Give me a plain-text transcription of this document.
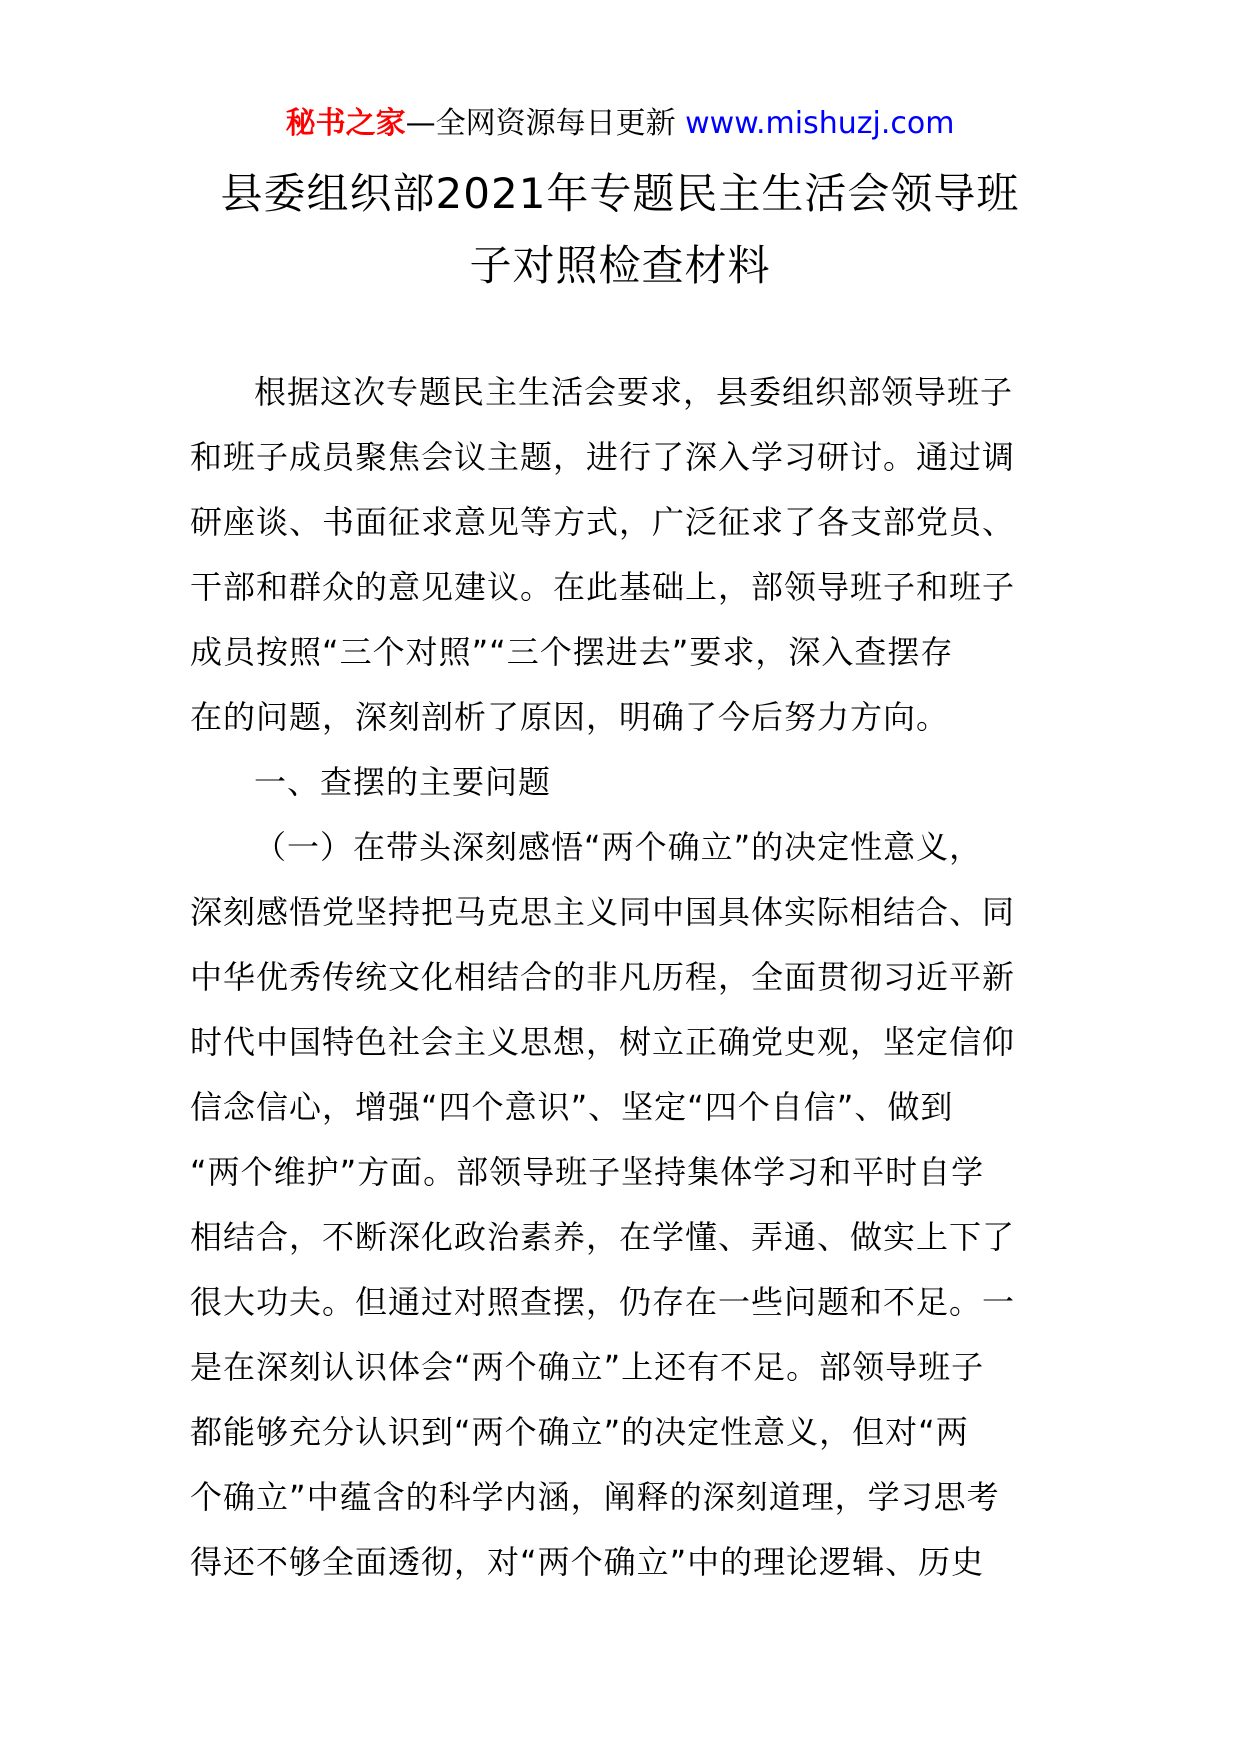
秘书之家—全网资源每日更新 www.mishuzj.com
县委组织部2021年专题民主生活会领导班
子对照检查材料

根据这次专题民主生活会要求，县委组织部领导班子
和班子成员聚焦会议主题，进行了深入学习研讨。通过调
研座谈、书面征求意见等方式，广泛征求了各支部党员、
干部和群众的意见建议。在此基础上，部领导班子和班子
成员按照“三个对照”“三个摆进去”要求，深入查摆存
在的问题，深刻剖析了原因，明确了今后努力方向。

一、查摆的主要问题

（一）在带头深刻感悟“两个确立”的决定性意义，
深刻感悟党坚持把马克思主义同中国具体实际相结合、同
中华优秀传统文化相结合的非凡历程，全面贯彻习近平新
时代中国特色社会主义思想，树立正确党史观，坚定信仰
信念信心，增强“四个意识”、坚定“四个自信”、做到
“两个维护”方面。部领导班子坚持集体学习和平时自学
相结合，不断深化政治素养，在学懂、弄通、做实上下了
很大功夫。但通过对照查摆，仍存在一些问题和不足。一
是在深刻认识体会“两个确立”上还有不足。部领导班子
都能够充分认识到“两个确立”的决定性意义，但对“两
个确立”中蕴含的科学内涵，阐释的深刻道理，学习思考
得还不够全面透彻，对“两个确立”中的理论逻辑、历史
